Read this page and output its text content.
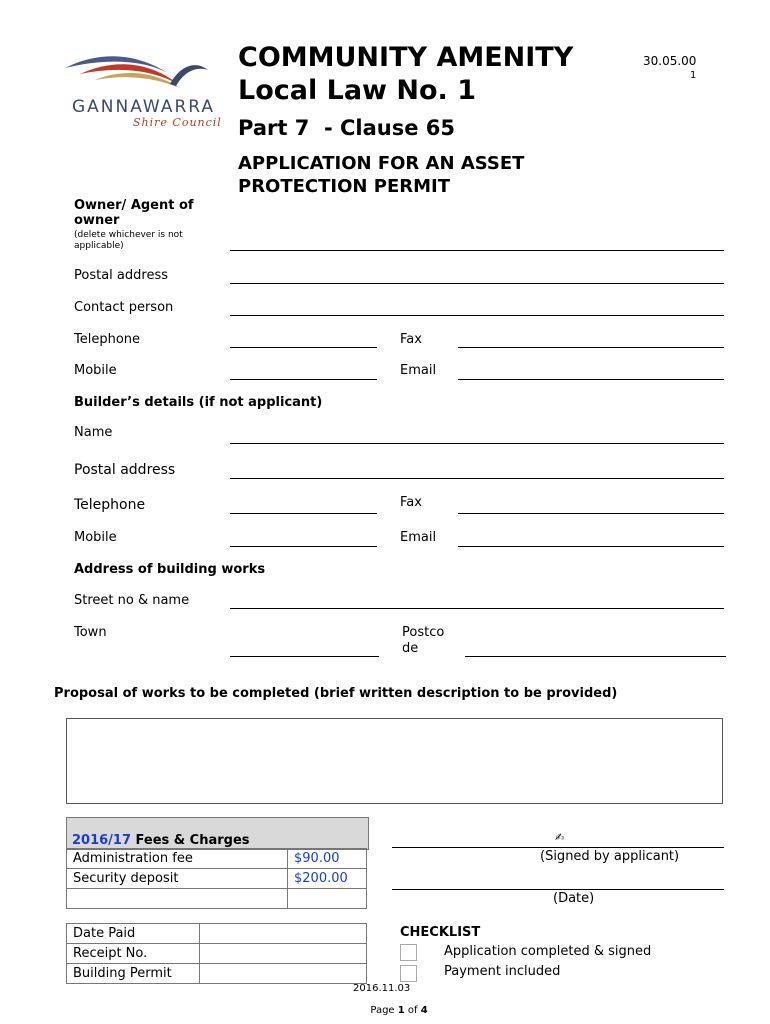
GANNAWARRA
Shire Council
COMMUNITY AMENITY
Local Law No. 1
Part 7  - Clause 65
APPLICATION FOR AN ASSET
PROTECTION PERMIT
30.05.00
1
Owner/ Agent of
owner
(delete whichever is not
applicable)
Postal address
Contact person
Telephone	Fax
Mobile	Email
Builder’s details (if not applicant)
Name
Postal address
Telephone	Fax
Mobile	Email
Address of building works
Street no & name
Town	Postco
de
Proposal of works to be completed (brief written description to be provided)
2016/17 Fees & Charges
Administration fee	$90.00
Security deposit	$200.00

Date Paid	
Receipt No.	
Building Permit	
✍
(Signed by applicant)
(Date)
CHECKLIST
Application completed & signed
Payment included
2016.11.03

Page 1 of 4
